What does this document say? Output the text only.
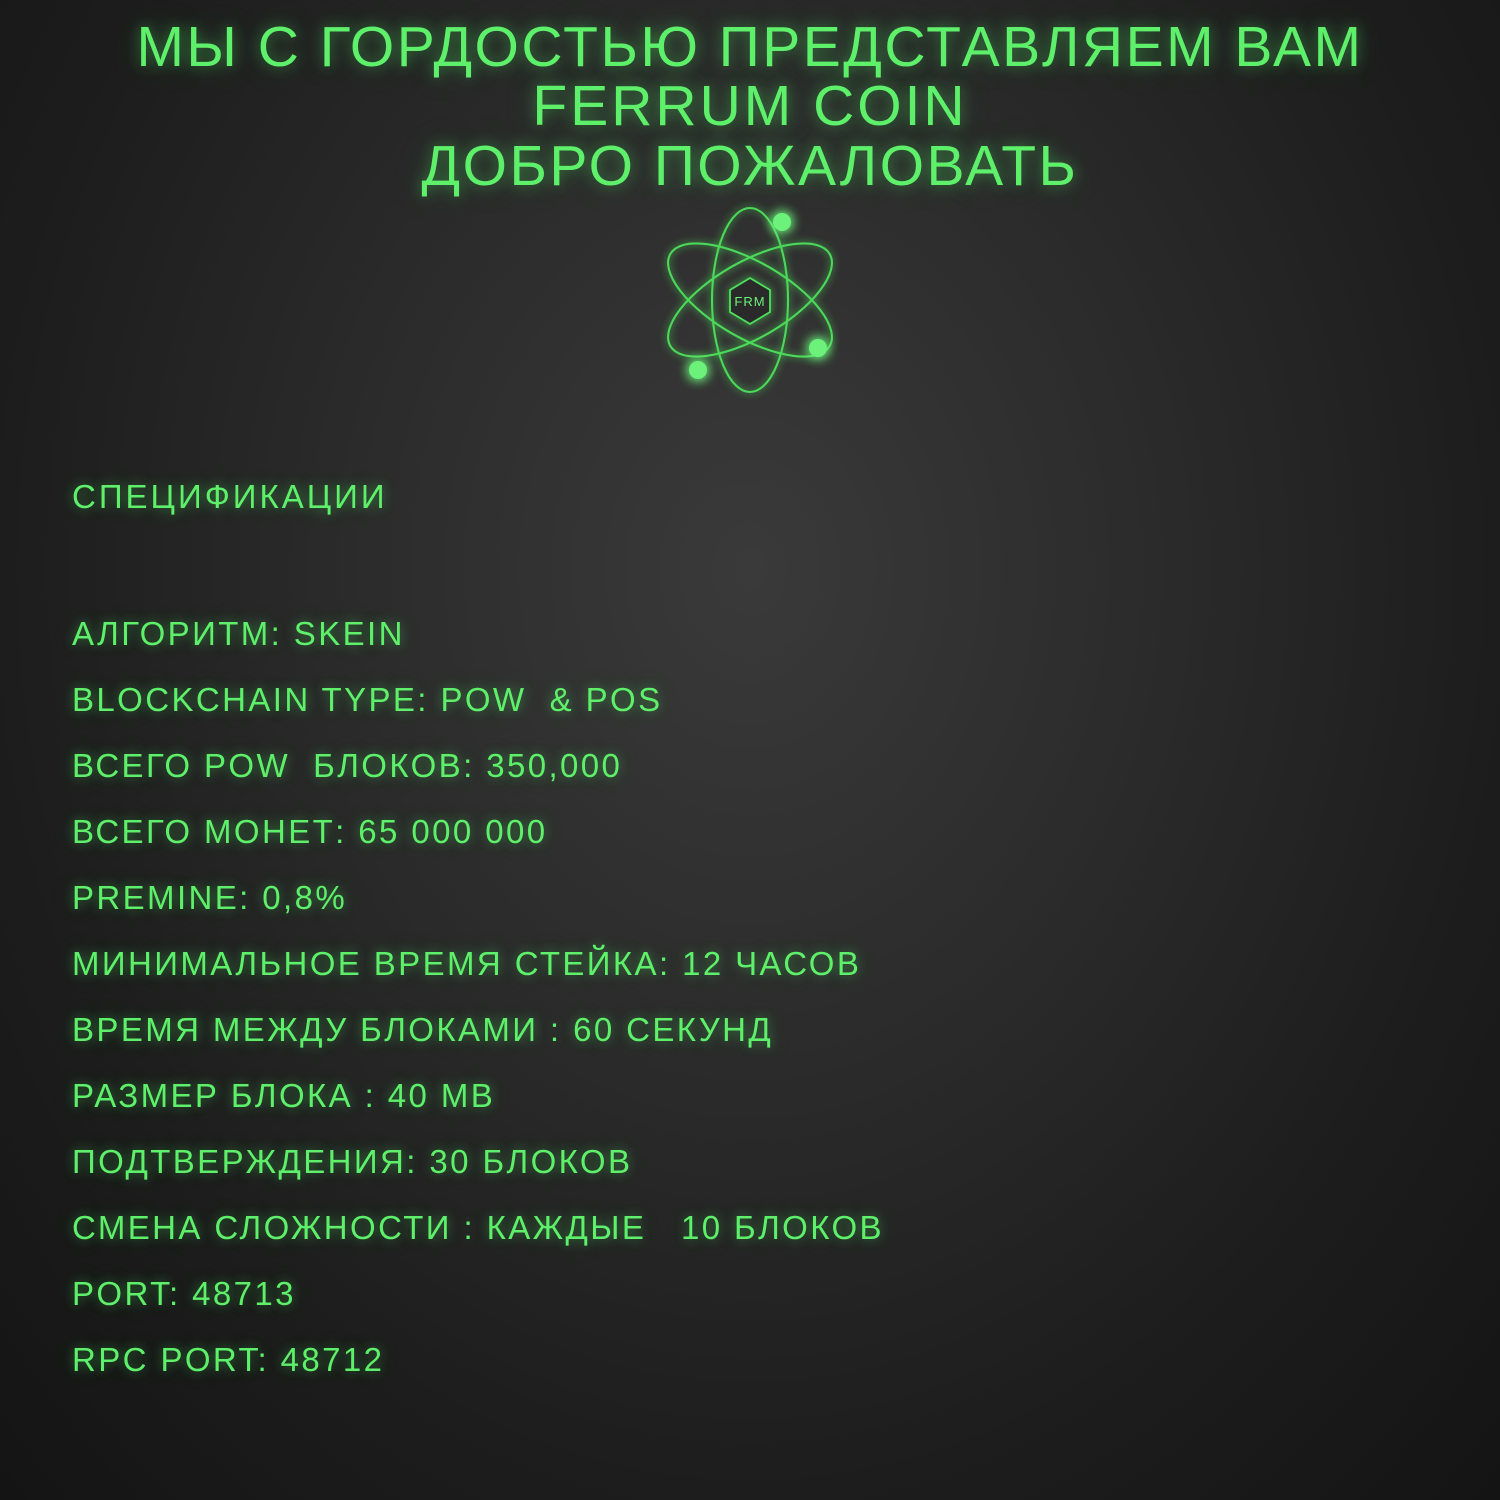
МЫ С ГОРДОСТЬЮ ПРЕДСТАВЛЯЕМ ВАМ
FERRUM COIN
ДОБРО ПОЖАЛОВАТЬ
FRM
СПЕЦИФИКАЦИИ
АЛГОРИТМ: SKEIN
BLOCKCHAIN TYPE: POW  & POS
ВСЕГО POW  БЛОКОВ: 350,000
ВСЕГО МОНЕТ: 65 000 000
PREMINE: 0,8%
МИНИМАЛЬНОЕ ВРЕМЯ СТЕЙКА: 12 ЧАСОВ
ВРЕМЯ МЕЖДУ БЛОКАМИ : 60 СЕКУНД
РАЗМЕР БЛОКА : 40 MB
ПОДТВЕРЖДЕНИЯ: 30 БЛОКОВ
СМЕНА СЛОЖНОСТИ : КАЖДЫЕ   10 БЛОКОВ
PORT: 48713
RPC PORT: 48712
